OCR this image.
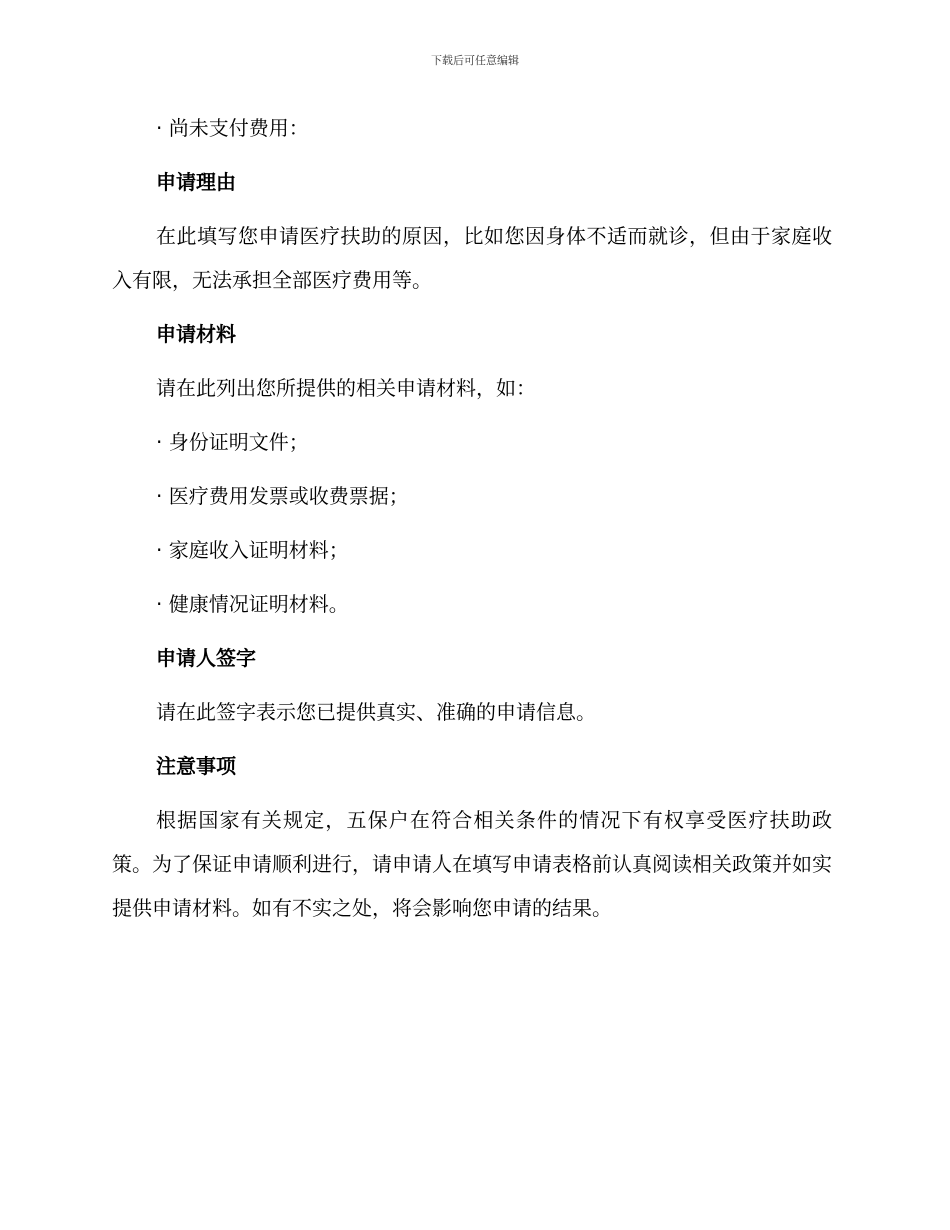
下载后可任意编辑
· 尚未支付费用：
申请理由
在此填写您申请医疗扶助的原因，比如您因身体不适而就诊，但由于家庭收入有限，无法承担全部医疗费用等。
申请材料
请在此列出您所提供的相关申请材料，如：
· 身份证明文件；
· 医疗费用发票或收费票据；
· 家庭收入证明材料；
· 健康情况证明材料。
申请人签字
请在此签字表示您已提供真实、准确的申请信息。
注意事项
根据国家有关规定，五保户在符合相关条件的情况下有权享受医疗扶助政策。为了保证申请顺利进行，请申请人在填写申请表格前认真阅读相关政策并如实提供申请材料。如有不实之处，将会影响您申请的结果。
